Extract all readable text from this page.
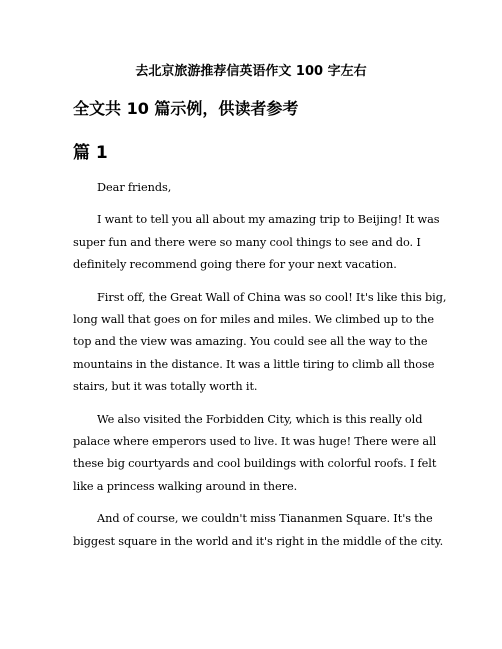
去北京旅游推荐信英语作文 100 字左右
全文共 10 篇示例，供读者参考
篇 1

Dear friends,

I want to tell you all about my amazing trip to Beijing! It was
super fun and there were so many cool things to see and do. I
definitely recommend going there for your next vacation.

First off, the Great Wall of China was so cool! It's like this big,
long wall that goes on for miles and miles. We climbed up to the
top and the view was amazing. You could see all the way to the
mountains in the distance. It was a little tiring to climb all those
stairs, but it was totally worth it.

We also visited the Forbidden City, which is this really old
palace where emperors used to live. It was huge! There were all
these big courtyards and cool buildings with colorful roofs. I felt
like a princess walking around in there.

And of course, we couldn't miss Tiananmen Square. It's the
biggest square in the world and it's right in the middle of the city.
